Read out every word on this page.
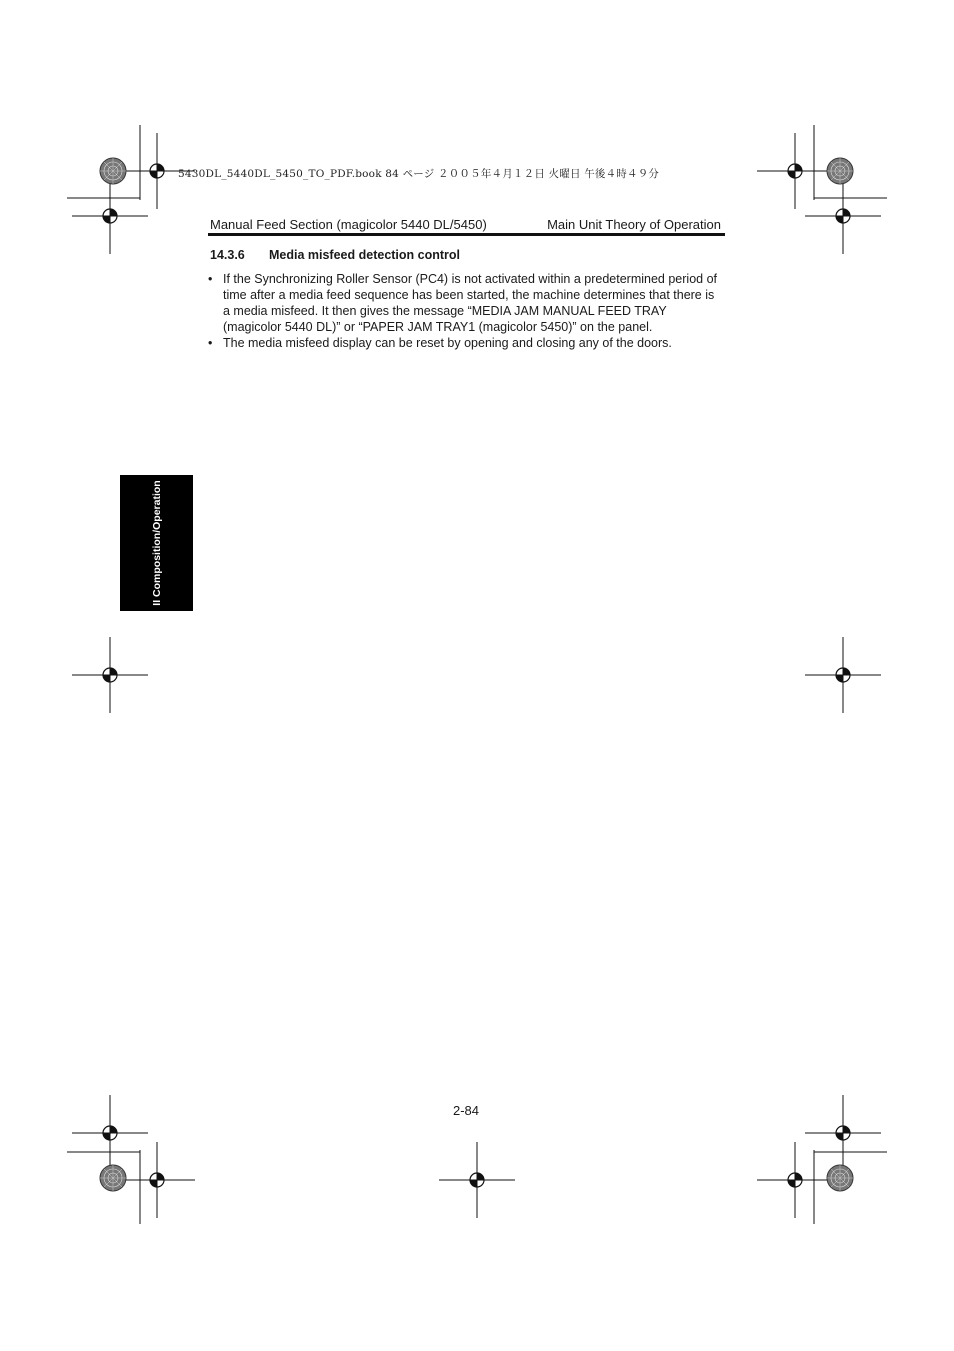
5430DL_5440DL_5450_TO_PDF.book 84 ページ ２００５年４月１２日 火曜日 午後４時４９分
Manual Feed Section (magicolor 5440 DL/5450)	Main Unit Theory of Operation
14.3.6 Media misfeed detection control
• If the Synchronizing Roller Sensor (PC4) is not activated within a predetermined period of time after a media feed sequence has been started, the machine determines that there is a media misfeed. It then gives the message “MEDIA JAM MANUAL FEED TRAY (magicolor 5440 DL)” or “PAPER JAM TRAY1 (magicolor 5450)” on the panel.
• The media misfeed display can be reset by opening and closing any of the doors.
II Composition/Operation
2-84
